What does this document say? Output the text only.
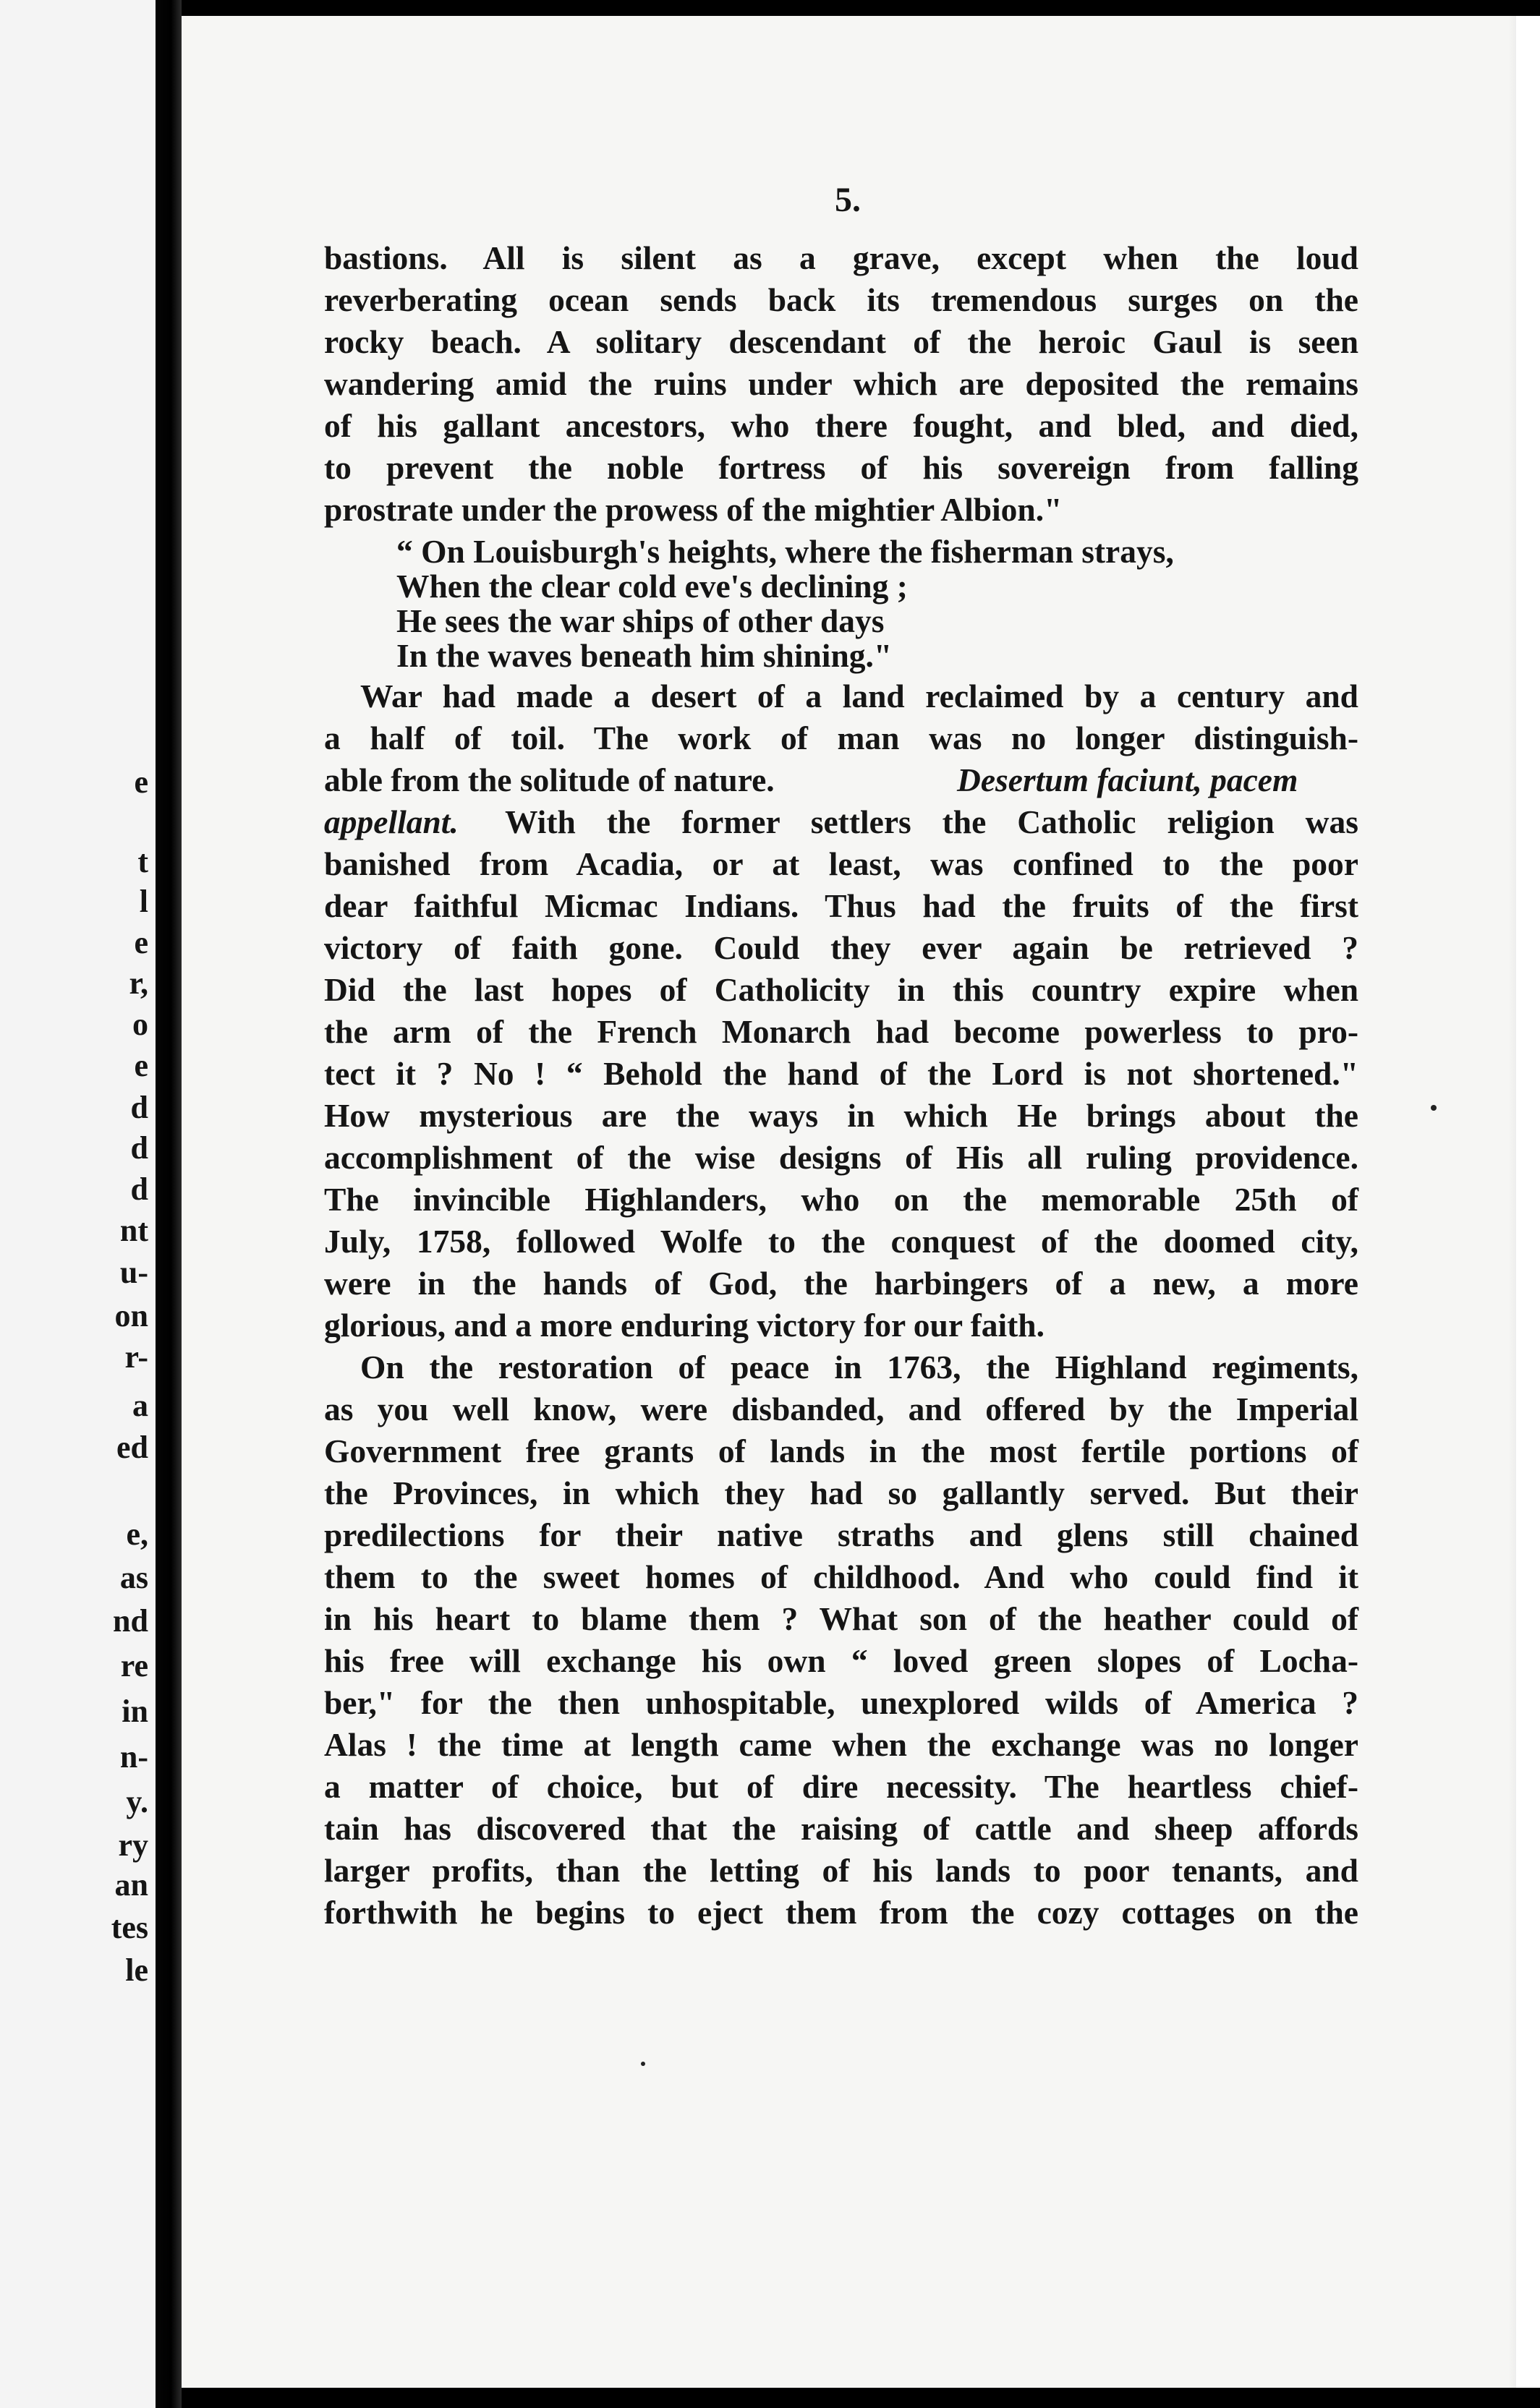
e
t
l
e
r,
o
e
d
d
d
nt
u-
on
r-
a
ed
e,
as
nd
re
in
n-
y.
ry
an
tes
le
5.
bastions. All is silent as a grave, except when the loud
reverberating ocean sends back its tremendous surges on the
rocky beach. A solitary descendant of the heroic Gaul is seen
wandering amid the ruins under which are deposited the remains
of his gallant ancestors, who there fought, and bled, and died,
to prevent the noble fortress of his sovereign from falling
prostrate under the prowess of the mightier Albion."
“ On Louisburgh's heights, where the fisherman strays,
When the clear cold eve's declining ;
He sees the war ships of other days
In the waves beneath him shining."
War had made a desert of a land reclaimed by a century and
a half of toil. The work of man was no longer distinguish-
able from the solitude of nature.	Desertum faciunt, pacem
appellant. With the former settlers the Catholic religion was
banished from Acadia, or at least, was confined to the poor
dear faithful Micmac Indians. Thus had the fruits of the first
victory of faith gone. Could they ever again be retrieved ?
Did the last hopes of Catholicity in this country expire when
the arm of the French Monarch had become powerless to pro-
tect it ? No ! “ Behold the hand of the Lord is not shortened."
How mysterious are the ways in which He brings about the
accomplishment of the wise designs of His all ruling providence.
The invincible Highlanders, who on the memorable 25th of
July, 1758, followed Wolfe to the conquest of the doomed city,
were in the hands of God, the harbingers of a new, a more
glorious, and a more enduring victory for our faith.
On the restoration of peace in 1763, the Highland regiments,
as you well know, were disbanded, and offered by the Imperial
Government free grants of lands in the most fertile portions of
the Provinces, in which they had so gallantly served. But their
predilections for their native straths and glens still chained
them to the sweet homes of childhood. And who could find it
in his heart to blame them ? What son of the heather could of
his free will exchange his own “ loved green slopes of Locha-
ber," for the then unhospitable, unexplored wilds of America ?
Alas ! the time at length came when the exchange was no longer
a matter of choice, but of dire necessity. The heartless chief-
tain has discovered that the raising of cattle and sheep affords
larger profits, than the letting of his lands to poor tenants, and
forthwith he begins to eject them from the cozy cottages on the
